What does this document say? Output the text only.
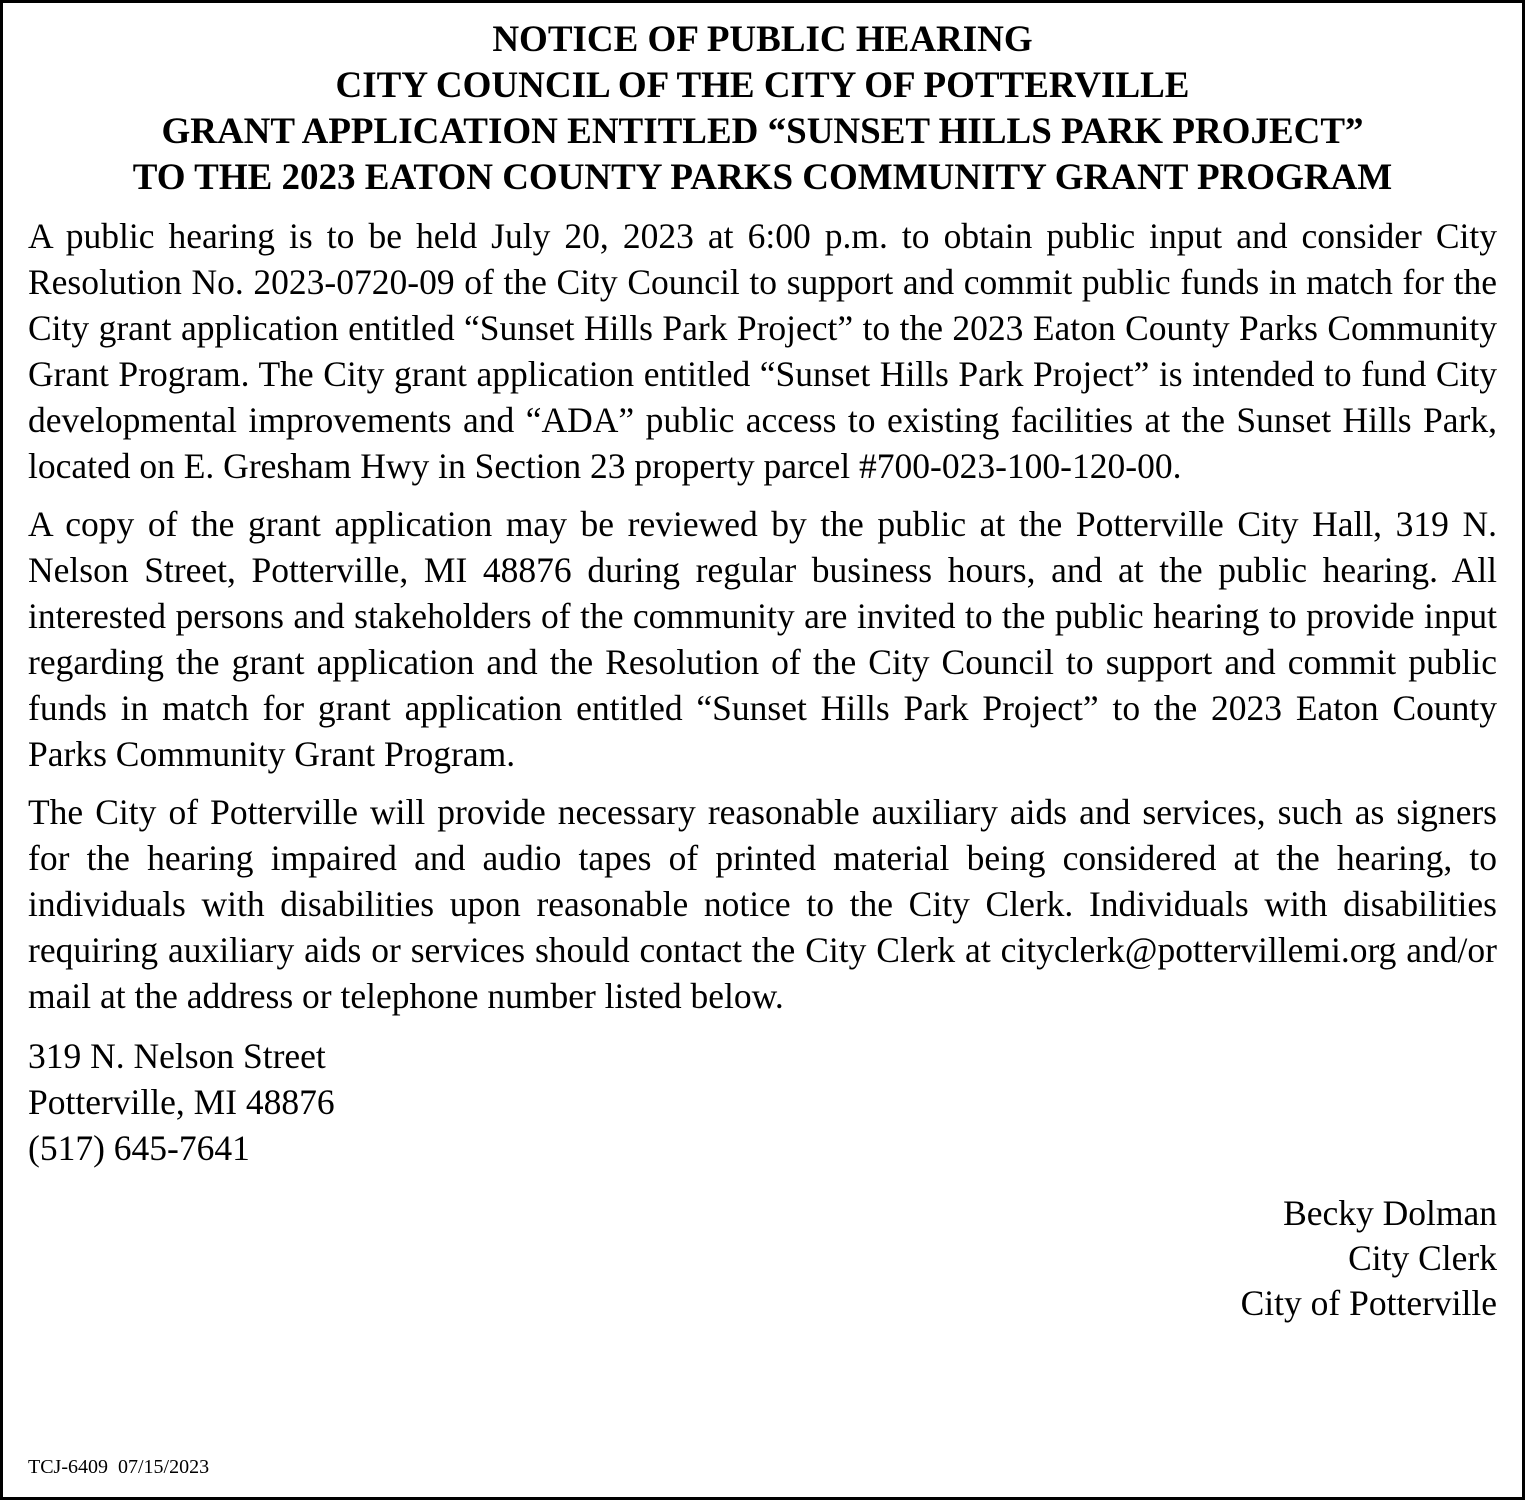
NOTICE OF PUBLIC HEARING
CITY COUNCIL OF THE CITY OF POTTERVILLE
GRANT APPLICATION ENTITLED “SUNSET HILLS PARK PROJECT”
TO THE 2023 EATON COUNTY PARKS COMMUNITY GRANT PROGRAM

A public hearing is to be held July 20, 2023 at 6:00 p.m. to obtain public input and consider City Resolution No. 2023-0720-09 of the City Council to support and commit public funds in match for the City grant application entitled “Sunset Hills Park Project” to the 2023 Eaton County Parks Community Grant Program. The City grant application entitled “Sunset Hills Park Project” is intended to fund City developmental improvements and “ADA” public access to existing facilities at the Sunset Hills Park, located on E. Gresham Hwy in Section 23 property parcel #700-023-100-120-00.

A copy of the grant application may be reviewed by the public at the Potterville City Hall, 319 N. Nelson Street, Potterville, MI 48876 during regular business hours, and at the public hearing. All interested persons and stakeholders of the community are invited to the public hearing to provide input regarding the grant application and the Resolution of the City Council to support and commit public funds in match for grant application entitled “Sunset Hills Park Project” to the 2023 Eaton County Parks Community Grant Program.

The City of Potterville will provide necessary reasonable auxiliary aids and services, such as signers for the hearing impaired and audio tapes of printed material being considered at the hearing, to individuals with disabilities upon reasonable notice to the City Clerk. Individuals with disabilities requiring auxiliary aids or services should contact the City Clerk at cityclerk@pottervillemi.org and/or mail at the address or telephone number listed below.

319 N. Nelson Street
Potterville, MI 48876
(517) 645-7641
Becky Dolman
City Clerk
City of Potterville
TCJ-6409  07/15/2023
